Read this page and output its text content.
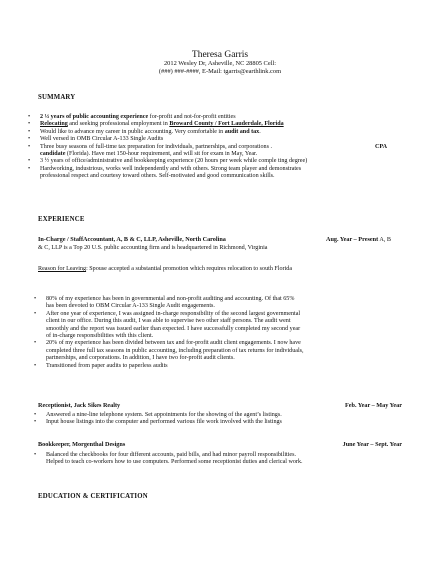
Theresa Garris
2012 Wesley Dr, Asheville, NC 28805 Cell:
(###) ###-####, E-Mail: tgarris@earthlink.com
SUMMARY
• 2 ½ years of public accounting experience for-profit and not-for-profit entities
• Relocating and seeking professional employment in Broward County / Fort Lauderdale, Florida
• Would like to advance my career in public accounting. Very comfortable in audit and tax.
• Well versed in OMB Circular A-133 Single Audits
• Three busy seasons of full-time tax preparation for individuals, partnerships, and corporations .	CPA

candidate (Florida). Have met 150-hour requirement, and will sit for exam in May, Year.
• 3 ½ years of office/administrative and bookkeeping experience (20 hours per week while comple ting degree)
• Hardworking, industrious, works well independently and with others. Strong team player and demonstrates
professional respect and courtesy toward others. Self-motivated and good communication skills.
EXPERIENCE
In-Charge / StaffAccountant, A, B & C, LLP, Asheville, North Carolina	Aug. Year – Present A, B
& C, LLP is a Top 20 U.S. public accounting firm and is headquartered in Richmond, Virginia
Reason for Leaving: Spouse accepted a substantial promotion which requires relocation to south Florida
• 80% of my experience has been in governmental and non-profit auditing and accounting. Of that 65%
has been devoted to OBM Circular A-133 Single Audit engagements.
• After one year of experience, I was assigned in-charge responsibility of the second largest governmental
client in our office. During this audit, I was able to supervise two other staff persons. The audit went
smoothly and the report was issued earlier than expected. I have successfully completed my second year
of in-charge responsibilities with this client.
• 20% of my experience has been divided between tax and for-profit audit client engagements. I now have
completed three full tax seasons in public accounting, including preparation of tax returns for individuals,
partnerships, and corporations. In addition, I have two for-profit audit clients.
• Transitioned from paper audits to paperless audits
Receptionist, Jack Sikes Realty	Feb. Year – May Year
• Answered a nine-line telephone system. Set appointments for the showing of the agent’s listings.
• Input house listings into the computer and performed various file work involved with the listings
Bookkeeper, Morgenthal Designs	June Year – Sept. Year
• Balanced the checkbooks for four different accounts, paid bills, and had minor payroll responsibilities.
Helped to teach co-workers how to use computers. Performed some receptionist duties and clerical work.
EDUCATION & CERTIFICATION
